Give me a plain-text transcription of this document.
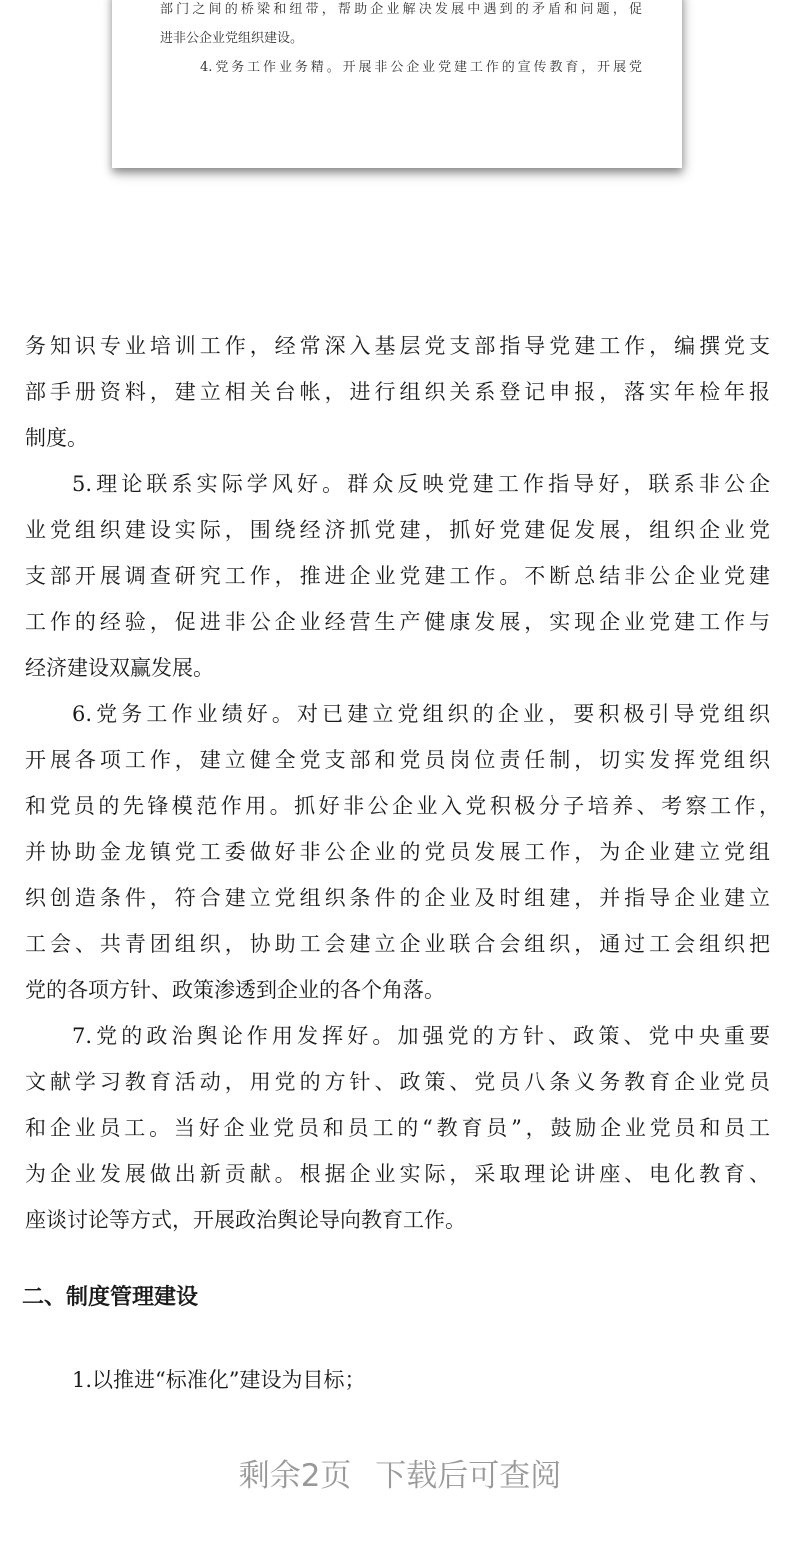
部门之间的桥梁和纽带，帮助企业解决发展中遇到的矛盾和问题，促
进非公企业党组织建设。
4.党务工作业务精。开展非公企业党建工作的宣传教育，开展党
务知识专业培训工作，经常深入基层党支部指导党建工作，编撰党支
部手册资料，建立相关台帐，进行组织关系登记申报，落实年检年报
制度。
5.理论联系实际学风好。群众反映党建工作指导好，联系非公企
业党组织建设实际，围绕经济抓党建，抓好党建促发展，组织企业党
支部开展调查研究工作，推进企业党建工作。不断总结非公企业党建
工作的经验，促进非公企业经营生产健康发展，实现企业党建工作与
经济建设双赢发展。
6.党务工作业绩好。对已建立党组织的企业，要积极引导党组织
开展各项工作，建立健全党支部和党员岗位责任制，切实发挥党组织
和党员的先锋模范作用。抓好非公企业入党积极分子培养、考察工作，
并协助金龙镇党工委做好非公企业的党员发展工作，为企业建立党组
织创造条件，符合建立党组织条件的企业及时组建，并指导企业建立
工会、共青团组织，协助工会建立企业联合会组织，通过工会组织把
党的各项方针、政策渗透到企业的各个角落。
7.党的政治舆论作用发挥好。加强党的方针、政策、党中央重要
文献学习教育活动，用党的方针、政策、党员八条义务教育企业党员
和企业员工。当好企业党员和员工的“教育员”，鼓励企业党员和员工
为企业发展做出新贡献。根据企业实际，采取理论讲座、电化教育、
座谈讨论等方式，开展政治舆论导向教育工作。
二、制度管理建设
1.以推进“标准化”建设为目标；
剩余2页 下载后可查阅
